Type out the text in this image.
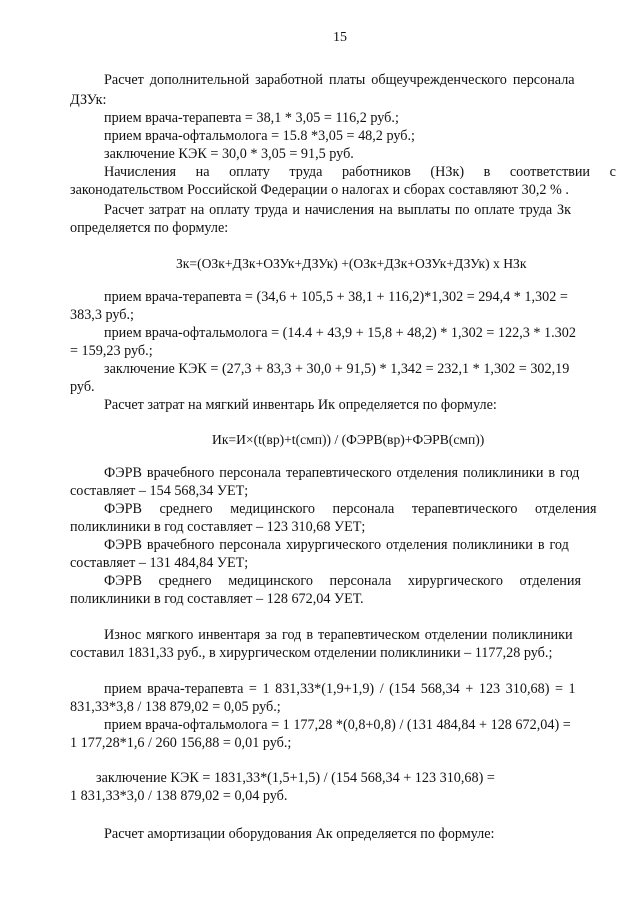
15
Расчет дополнительной заработной платы общеучрежденческого персонала
ДЗУк:
прием врача-терапевта = 38,1 * 3,05 = 116,2 руб.;
прием врача-офтальмолога = 15.8 *3,05 = 48,2 руб.;
заключение КЭК = 30,0 * 3,05 = 91,5 руб.
Начисления на оплату труда работников (НЗк) в соответствии с
законодательством Российской Федерации о налогах и сборах составляют 30,2 % .
Расчет затрат на оплату труда и начисления на выплаты по оплате труда Зк
определяется по формуле:
Зк=(ОЗк+ДЗк+ОЗУк+ДЗУк) +(ОЗк+ДЗк+ОЗУк+ДЗУк) х НЗк
прием врача-терапевта = (34,6 + 105,5 + 38,1 + 116,2)*1,302 = 294,4 * 1,302 =
383,3 руб.;
прием врача-офтальмолога = (14.4 + 43,9 + 15,8 + 48,2) * 1,302 = 122,3 * 1.302
= 159,23 руб.;
заключение КЭК = (27,3 + 83,3 + 30,0 + 91,5) * 1,342 = 232,1 * 1,302 = 302,19
руб.
Расчет затрат на мягкий инвентарь Ик определяется по формуле:
Ик=И×(t(вр)+t(смп)) / (ФЭРВ(вр)+ФЭРВ(смп))
ФЭРВ врачебного персонала терапевтического отделения поликлиники в год
составляет – 154 568,34 УЕТ;
ФЭРВ среднего медицинского персонала терапевтического отделения
поликлиники в год составляет – 123 310,68 УЕТ;
ФЭРВ врачебного персонала хирургического отделения поликлиники в год
составляет – 131 484,84 УЕТ;
ФЭРВ среднего медицинского персонала хирургического отделения
поликлиники в год составляет – 128 672,04 УЕТ.
Износ мягкого инвентаря за год в терапевтическом отделении поликлиники
составил 1831,33 руб., в хирургическом отделении поликлиники – 1177,28 руб.;
прием врача-терапевта = 1 831,33*(1,9+1,9) / (154 568,34 + 123 310,68) = 1
831,33*3,8 / 138 879,02 = 0,05 руб.;
прием врача-офтальмолога = 1 177,28 *(0,8+0,8) / (131 484,84 + 128 672,04) =
1 177,28*1,6 / 260 156,88 = 0,01 руб.;
заключение КЭК = 1831,33*(1,5+1,5) / (154 568,34 + 123 310,68) =
1 831,33*3,0 / 138 879,02 = 0,04 руб.
Расчет амортизации оборудования Ак определяется по формуле:
